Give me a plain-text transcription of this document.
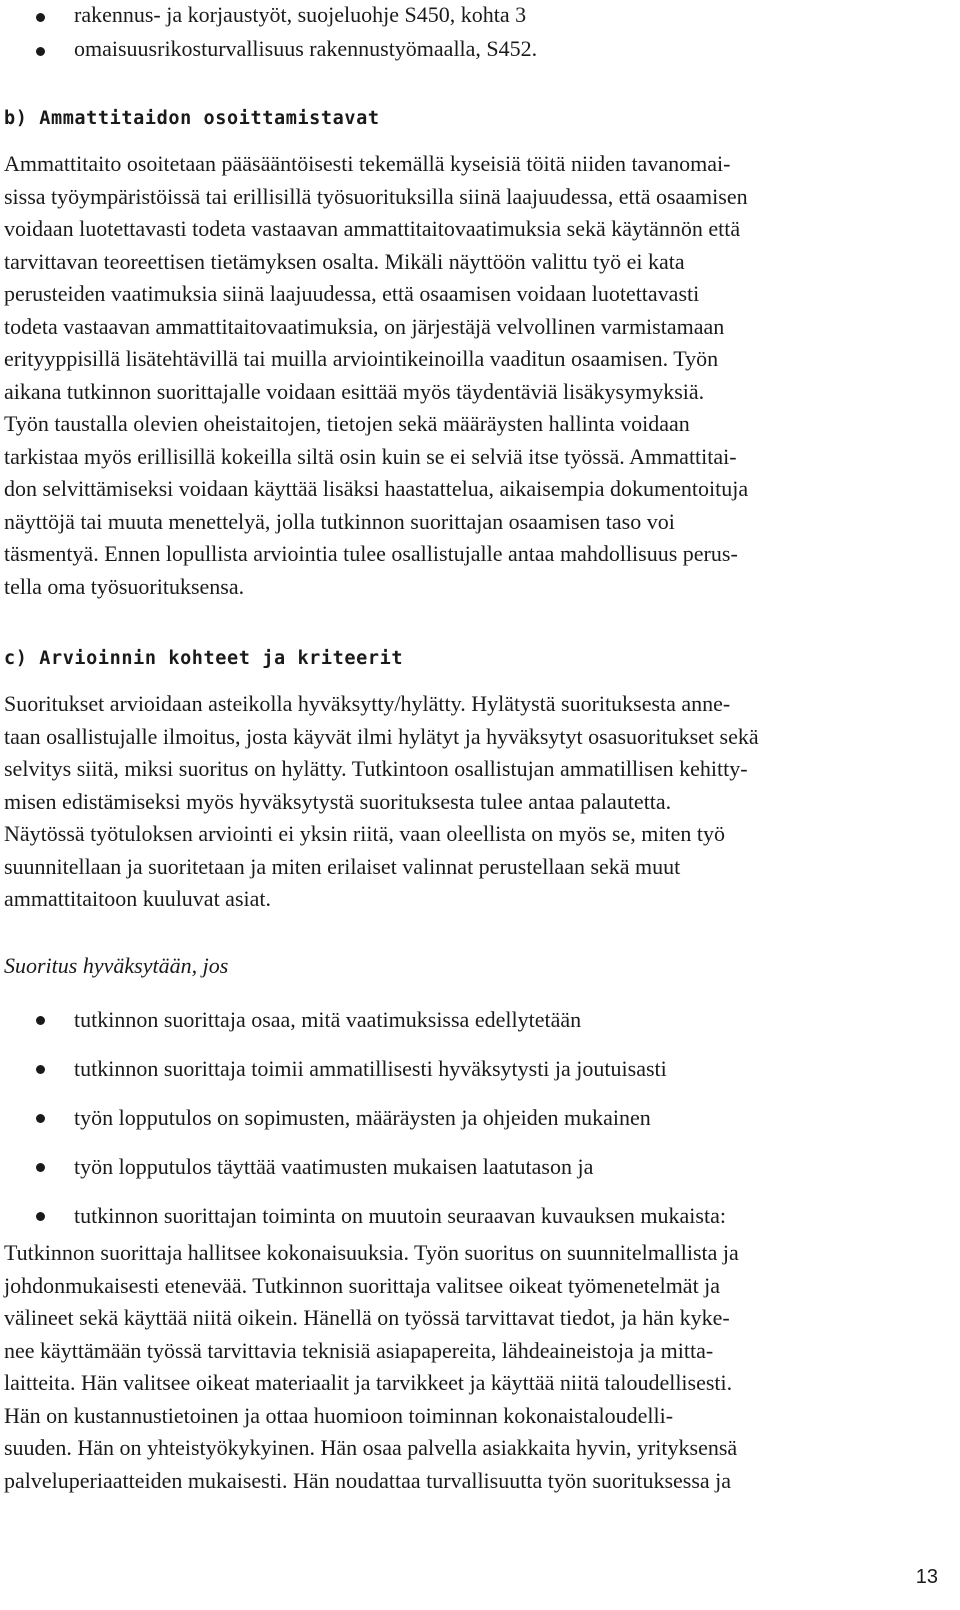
rakennus- ja korjaustyöt, suojeluohje S450, kohta 3
omaisuusrikosturvallisuus rakennustyömaalla, S452.
b) Ammattitaidon osoittamistavat
Ammattitaito osoitetaan pääsääntöisesti tekemällä kyseisiä töitä niiden tavanomai-
sissa työympäristöissä tai erillisillä työsuorituksilla siinä laajuudessa, että osaamisen
voidaan luotettavasti todeta vastaavan ammattitaitovaatimuksia sekä käytännön että
tarvittavan teoreettisen tietämyksen osalta. Mikäli näyttöön valittu työ ei kata
perusteiden vaatimuksia siinä laajuudessa, että osaamisen voidaan luotettavasti
todeta vastaavan ammattitaitovaatimuksia, on järjestäjä velvollinen varmistamaan
erityyppisillä lisätehtävillä tai muilla arviointikeinoilla vaaditun osaamisen. Työn
aikana tutkinnon suorittajalle voidaan esittää myös täydentäviä lisäkysymyksiä.
Työn taustalla olevien oheistaitojen, tietojen sekä määräysten hallinta voidaan
tarkistaa myös erillisillä kokeilla siltä osin kuin se ei selviä itse työssä. Ammattitai-
don selvittämiseksi voidaan käyttää lisäksi haastattelua, aikaisempia dokumentoituja
näyttöjä tai muuta menettelyä, jolla tutkinnon suorittajan osaamisen taso voi
täsmentyä. Ennen lopullista arviointia tulee osallistujalle antaa mahdollisuus perus-
tella oma työsuorituksensa.
c) Arvioinnin kohteet ja kriteerit
Suoritukset arvioidaan asteikolla hyväksytty/hylätty. Hylätystä suorituksesta anne-
taan osallistujalle ilmoitus, josta käyvät ilmi hylätyt ja hyväksytyt osasuoritukset sekä
selvitys siitä, miksi suoritus on hylätty. Tutkintoon osallistujan ammatillisen kehitty-
misen edistämiseksi myös hyväksytystä suorituksesta tulee antaa palautetta.
Näytössä työtuloksen arviointi ei yksin riitä, vaan oleellista on myös se, miten työ
suunnitellaan ja suoritetaan ja miten erilaiset valinnat perustellaan sekä muut
ammattitaitoon kuuluvat asiat.
Suoritus hyväksytään, jos
tutkinnon suorittaja osaa, mitä vaatimuksissa edellytetään
tutkinnon suorittaja toimii ammatillisesti hyväksytysti ja joutuisasti
työn lopputulos on sopimusten, määräysten ja ohjeiden mukainen
työn lopputulos täyttää vaatimusten mukaisen laatutason ja
tutkinnon suorittajan toiminta on muutoin seuraavan kuvauksen mukaista:
Tutkinnon suorittaja hallitsee kokonaisuuksia. Työn suoritus on suunnitelmallista ja
johdonmukaisesti etenevää. Tutkinnon suorittaja valitsee oikeat työmenetelmät ja
välineet sekä käyttää niitä oikein. Hänellä on työssä tarvittavat tiedot, ja hän kyke-
nee käyttämään työssä tarvittavia teknisiä asiapapereita, lähdeaineistoja ja mitta-
laitteita. Hän valitsee oikeat materiaalit ja tarvikkeet ja käyttää niitä taloudellisesti.
Hän on kustannustietoinen ja ottaa huomioon toiminnan kokonaistaloudelli-
suuden. Hän on yhteistyökykyinen. Hän osaa palvella asiakkaita hyvin, yrityksensä
palveluperiaatteiden mukaisesti. Hän noudattaa turvallisuutta työn suorituksessa ja
13
